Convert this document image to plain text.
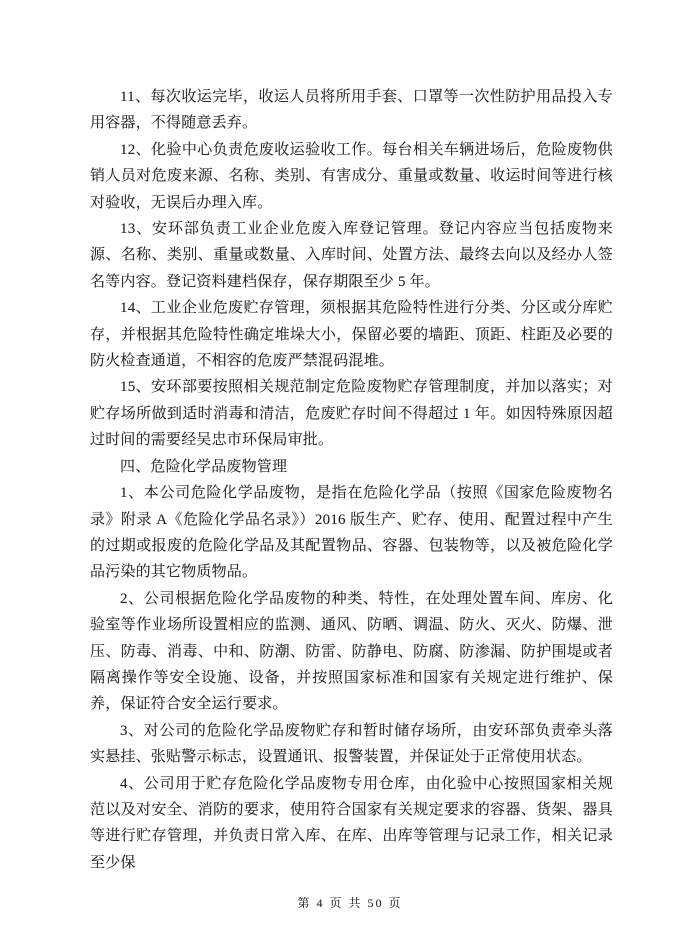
11、每次收运完毕，收运人员将所用手套、口罩等一次性防护用品投入专用容器，不得随意丢弃。

12、化验中心负责危废收运验收工作。每台相关车辆进场后，危险废物供销人员对危废来源、名称、类别、有害成分、重量或数量、收运时间等进行核对验收，无误后办理入库。

13、安环部负责工业企业危废入库登记管理。登记内容应当包括废物来源、名称、类别、重量或数量、入库时间、处置方法、最终去向以及经办人签名等内容。登记资料建档保存，保存期限至少 5 年。

14、工业企业危废贮存管理，须根据其危险特性进行分类、分区或分库贮存，并根据其危险特性确定堆垛大小，保留必要的墙距、顶距、柱距及必要的防火检查通道，不相容的危废严禁混码混堆。

15、安环部要按照相关规范制定危险废物贮存管理制度，并加以落实；对贮存场所做到适时消毒和清洁，危废贮存时间不得超过 1 年。如因特殊原因超过时间的需要经吴忠市环保局审批。

四、危险化学品废物管理

1、本公司危险化学品废物，是指在危险化学品（按照《国家危险废物名录》附录 A《危险化学品名录》）2016 版生产、贮存、使用、配置过程中产生的过期或报废的危险化学品及其配置物品、容器、包装物等，以及被危险化学品污染的其它物质物品。

2、公司根据危险化学品废物的种类、特性，在处理处置车间、库房、化验室等作业场所设置相应的监测、通风、防晒、调温、防火、灭火、防爆、泄压、防毒、消毒、中和、防潮、防雷、防静电、防腐、防渗漏、防护围堤或者隔离操作等安全设施、设备，并按照国家标准和国家有关规定进行维护、保养，保证符合安全运行要求。

3、对公司的危险化学品废物贮存和暂时储存场所，由安环部负责牵头落实悬挂、张贴警示标志，设置通讯、报警装置，并保证处于正常使用状态。

4、公司用于贮存危险化学品废物专用仓库，由化验中心按照国家相关规范以及对安全、消防的要求，使用符合国家有关规定要求的容器、货架、器具等进行贮存管理，并负责日常入库、在库、出库等管理与记录工作，相关记录至少保

第 4 页 共 50 页
